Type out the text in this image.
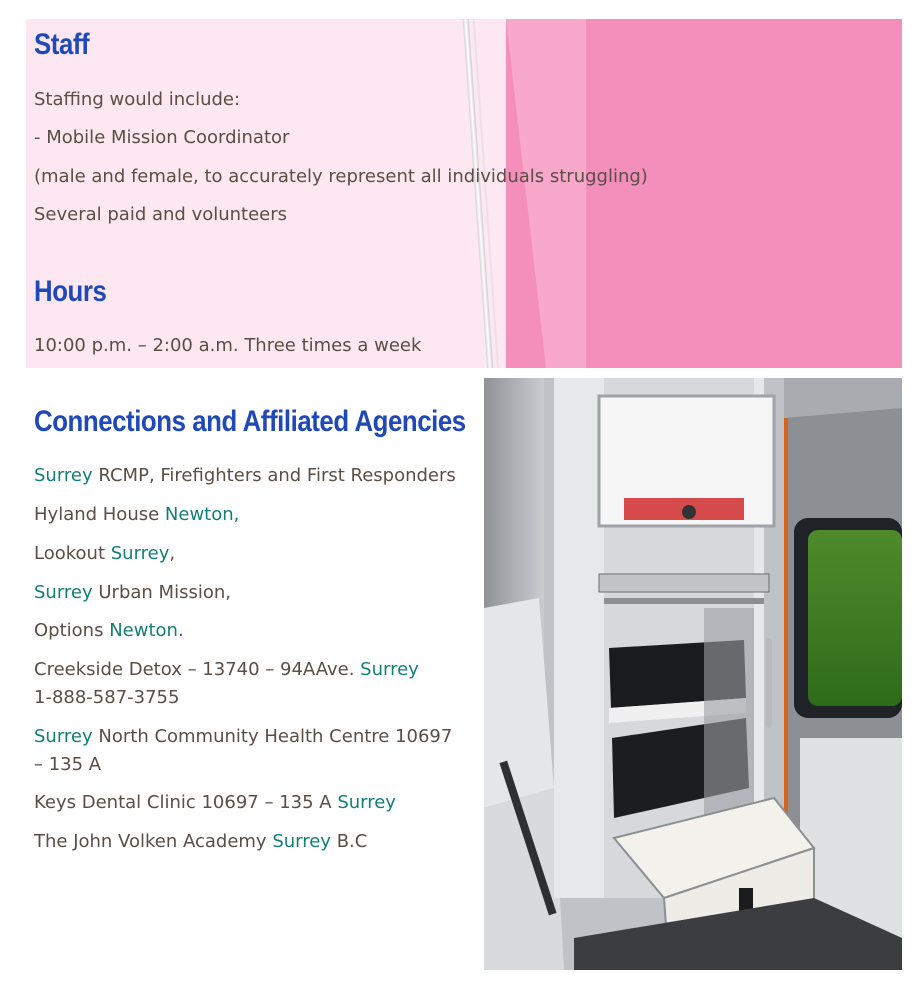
Staff
Staffing would include:
- Mobile Mission Coordinator
(male and female, to accurately represent all individuals struggling)
Several paid and volunteers
Hours
10:00 p.m. – 2:00 a.m. Three times a week
Connections and Affiliated Agencies
Surrey RCMP, Firefighters and First Responders
Hyland House Newton,
Lookout Surrey,
Surrey Urban Mission,
Options Newton.
Creekside Detox – 13740 – 94AAve. Surrey
1-888-587-3755
Surrey North Community Health Centre 10697
– 135 A
Keys Dental Clinic 10697 – 135 A Surrey
The John Volken Academy Surrey B.C
